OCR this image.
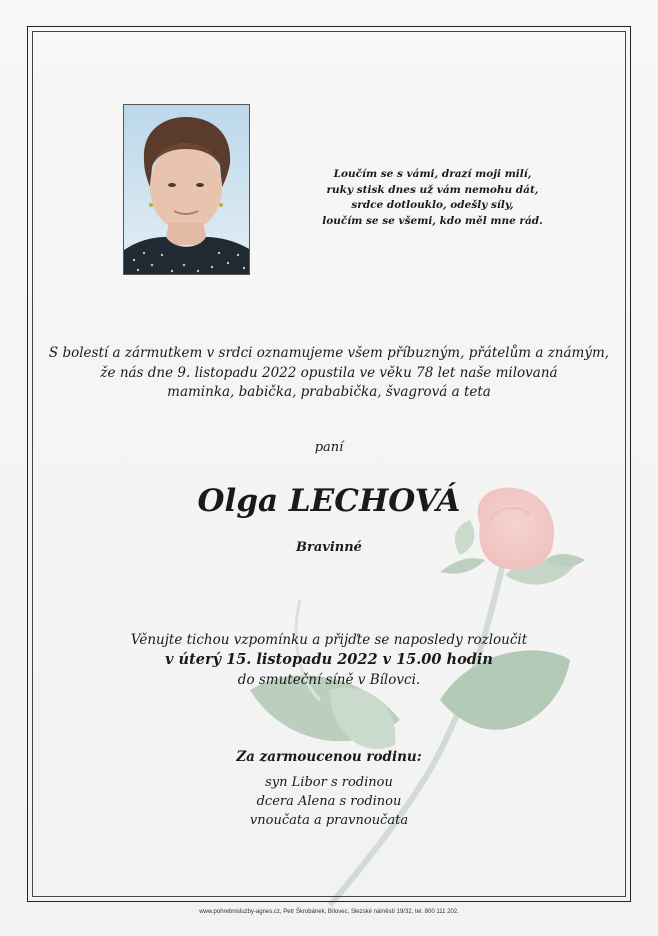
Loučím se s vámi, drazí moji milí,
ruky stisk dnes už vám nemohu dát,
srdce dotlouklo, odešly síly,
loučím se se všemi, kdo měl mne rád.
S bolestí a zármutkem v srdci oznamujeme všem příbuzným, přátelům a známým,
že nás dne 9. listopadu 2022 opustila ve věku 78 let naše milovaná
maminka, babička, prababička, švagrová a teta
paní
Olga LECHOVÁ
Bravinné
Věnujte tichou vzpomínku a přijďte se naposledy rozloučit
v úterý 15. listopadu 2022 v 15.00 hodin
do smuteční síně v Bílovci.
Za zarmoucenou rodinu:
syn Libor s rodinou
dcera Alena s rodinou
vnoučata a pravnoučata
www.pohrebnisluzby-agnes.cz, Petr Škrobánek, Bílovec, Slezské náměstí 19/32, tel. 800 111 202.
